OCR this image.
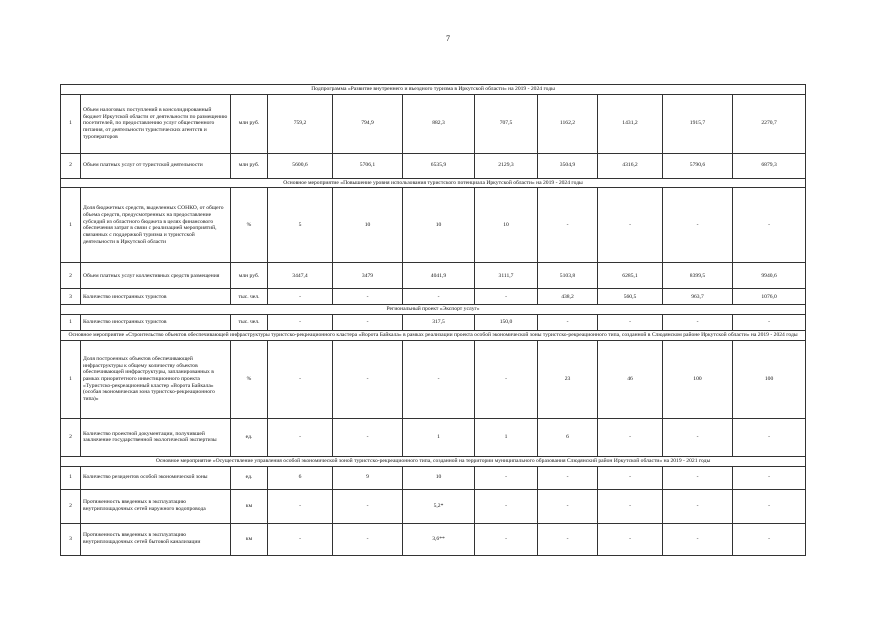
7
Подпрограмма «Развитие внутреннего и въездного туризма в Иркутской области» на 2019 - 2024 годы										
1	Объем налоговых поступлений в консолидированный бюджет Иркутской области от деятельности по размещению посетителей, по предоставлению услуг общественного питания, от деятельности туристических агентств и туроператоров	млн руб.	759,2	794,9	882,3	707,5	1162,2	1431,2	1915,7	2270,7
2	Объем платных услуг от туристской деятельности	млн руб.	5600,6	5706,1	6535,9	2129,3	3504,9	4316,2	5790,6	6879,3
Основное мероприятие «Повышение уровня использования туристского потенциала Иркутской области» на 2019 - 2024 годы										
1	Доля бюджетных средств, выделенных СОНКО, от общего объема средств, предусмотренных на предоставление субсидий из областного бюджета в целях финансового обеспечения затрат в связи с реализацией мероприятий, связанных с поддержкой туризма и туристской деятельности в Иркутской области	%	5	10	10	10	-	-	-	-
2	Объем платных услуг коллективных средств размещения	млн руб.	3447,4	3479	4041,9	3111,7	5103,8	6285,1	8399,5	9940,6
3	Количество иностранных туристов	тыс. чел.	-	-	-	-	438,2	560,5	963,7	1076,0
Региональный проект «Экспорт услуг»										
1	Количество иностранных туристов	тыс. чел.	-	-	317,5	150,0	-	-	-	-
Основное мероприятие «Строительство объектов обеспечивающей инфраструктуры туристско-рекреационного кластера «Ворота Байкала» в рамках реализации проекта особой экономической зоны туристско-рекреационного типа, созданной в Слюдянском районе Иркутской области» на 2019 - 2024 годы										
1	Доля построенных объектов обеспечивающей инфраструктуры к общему количеству объектов обеспечивающей инфраструктуры, запланированных в рамках приоритетного инвестиционного проекта «Туристско-рекреационный кластер «Ворота Байкала» (особая экономическая зона туристско-рекреационного типа)»	%	-	-	-	-	23	46	100	100
2	Количество проектной документации, получившей заключение государственной экологической экспертизы	ед.	-	-	1	1	6	-	-	-
Основное мероприятие «Осуществление управления особой экономической зоной туристско-рекреационного типа, созданной на территории муниципального образования Слюдянский район Иркутской области» на 2019 - 2021 годы										
1	Количество резидентов особой экономической зоны	ед.	6	9	10	-	-	-	-	-
2	Протяженность введенных в эксплуатацию внутриплощадочных сетей наружного водопровода	км	-	-	5,2*	-	-	-	-	-
3	Протяженность введенных в эксплуатацию внутриплощадочных сетей бытовой канализации	км	-	-	3,6**	-	-	-	-	-
